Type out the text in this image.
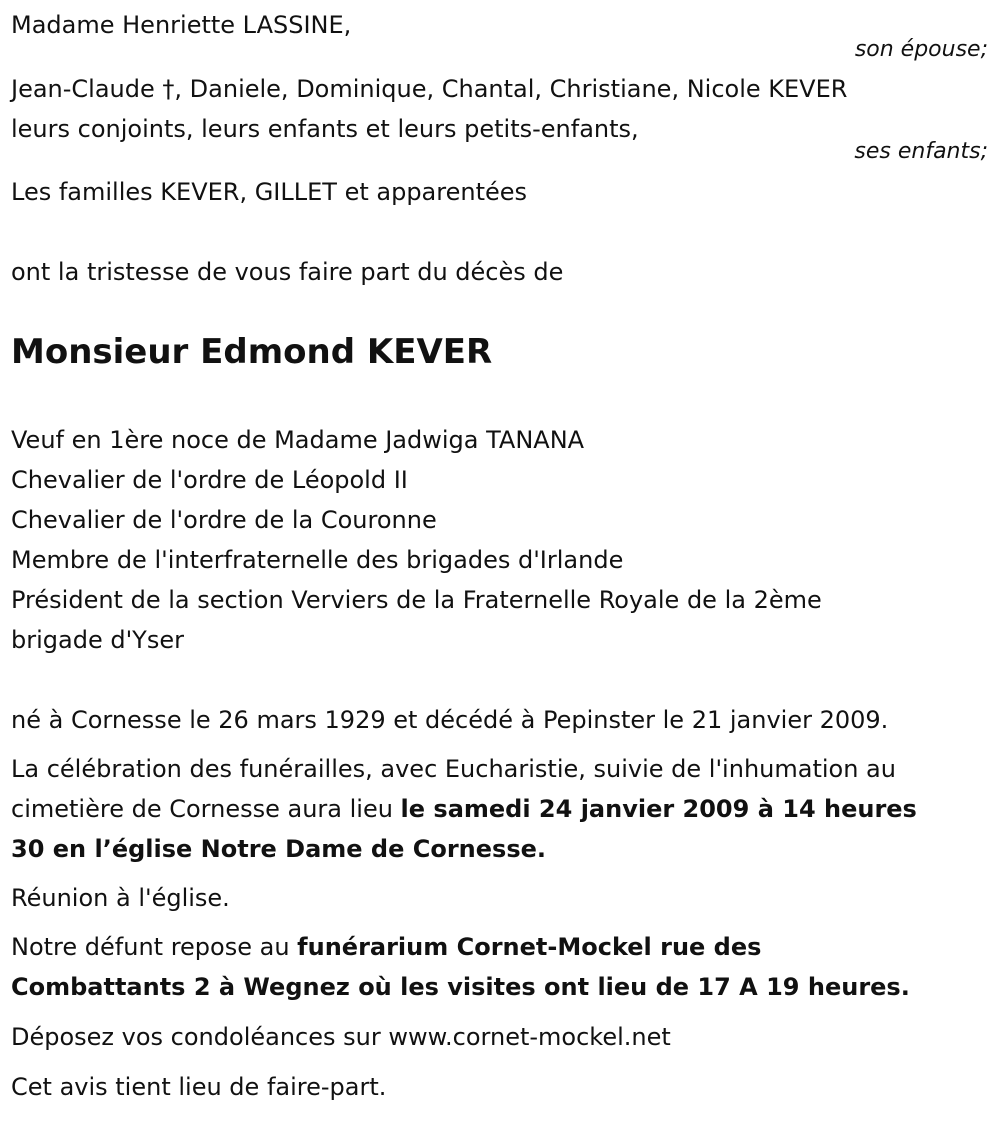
Madame Henriette LASSINE,

son épouse;

Jean-Claude †, Daniele, Dominique, Chantal, Christiane, Nicole KEVER

leurs conjoints, leurs enfants et leurs petits-enfants,

ses enfants;

Les familles KEVER, GILLET et apparentées

ont la tristesse de vous faire part du décès de

Monsieur Edmond KEVER

Veuf en 1ère noce de Madame Jadwiga TANANA

Chevalier de l'ordre de Léopold II

Chevalier de l'ordre de la Couronne

Membre de l'interfraternelle des brigades d'Irlande

Président de la section Verviers de la Fraternelle Royale de la 2ème

brigade d'Yser

né à Cornesse le 26 mars 1929 et décédé à Pepinster le 21 janvier 2009.

La célébration des funérailles, avec Eucharistie, suivie de l'inhumation au

cimetière de Cornesse aura lieu le samedi 24 janvier 2009 à 14 heures

30 en l’église Notre Dame de Cornesse.

Réunion à l'église.

Notre défunt repose au funérarium Cornet-Mockel rue des

Combattants 2 à Wegnez où les visites ont lieu de 17 A 19 heures.

Déposez vos condoléances sur www.cornet-mockel.net

Cet avis tient lieu de faire-part.
